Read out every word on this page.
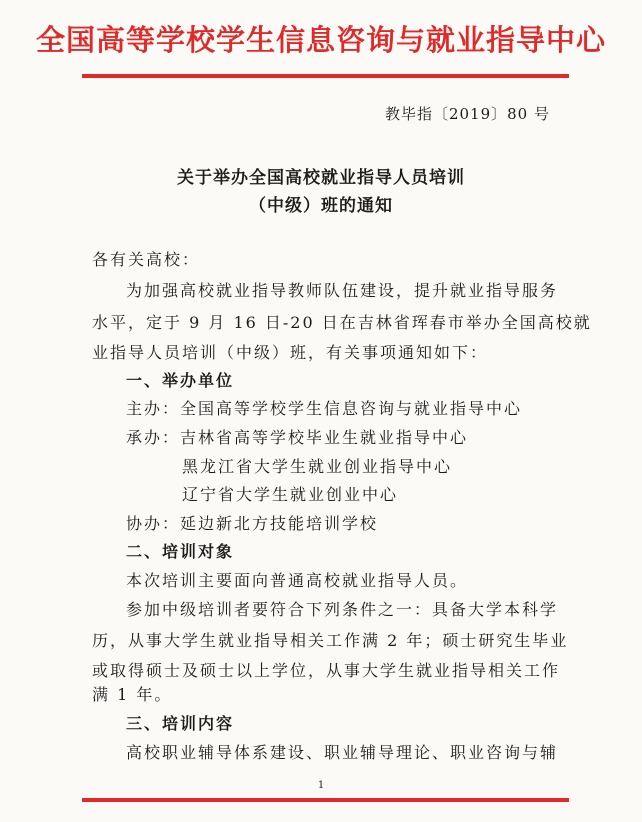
全国高等学校学生信息咨询与就业指导中心
教毕指〔2019〕80 号
关于举办全国高校就业指导人员培训
（中级）班的通知
各有关高校：
为加强高校就业指导教师队伍建设，提升就业指导服务
水平，定于 9 月 16 日-20 日在吉林省珲春市举办全国高校就
业指导人员培训（中级）班，有关事项通知如下：
一、举办单位
主办：全国高等学校学生信息咨询与就业指导中心
承办：吉林省高等学校毕业生就业指导中心
黑龙江省大学生就业创业指导中心
辽宁省大学生就业创业中心
协办：延边新北方技能培训学校
二、培训对象
本次培训主要面向普通高校就业指导人员。
参加中级培训者要符合下列条件之一：具备大学本科学
历，从事大学生就业指导相关工作满 2 年；硕士研究生毕业
或取得硕士及硕士以上学位，从事大学生就业指导相关工作
满 1 年。
三、培训内容
高校职业辅导体系建设、职业辅导理论、职业咨询与辅
1
